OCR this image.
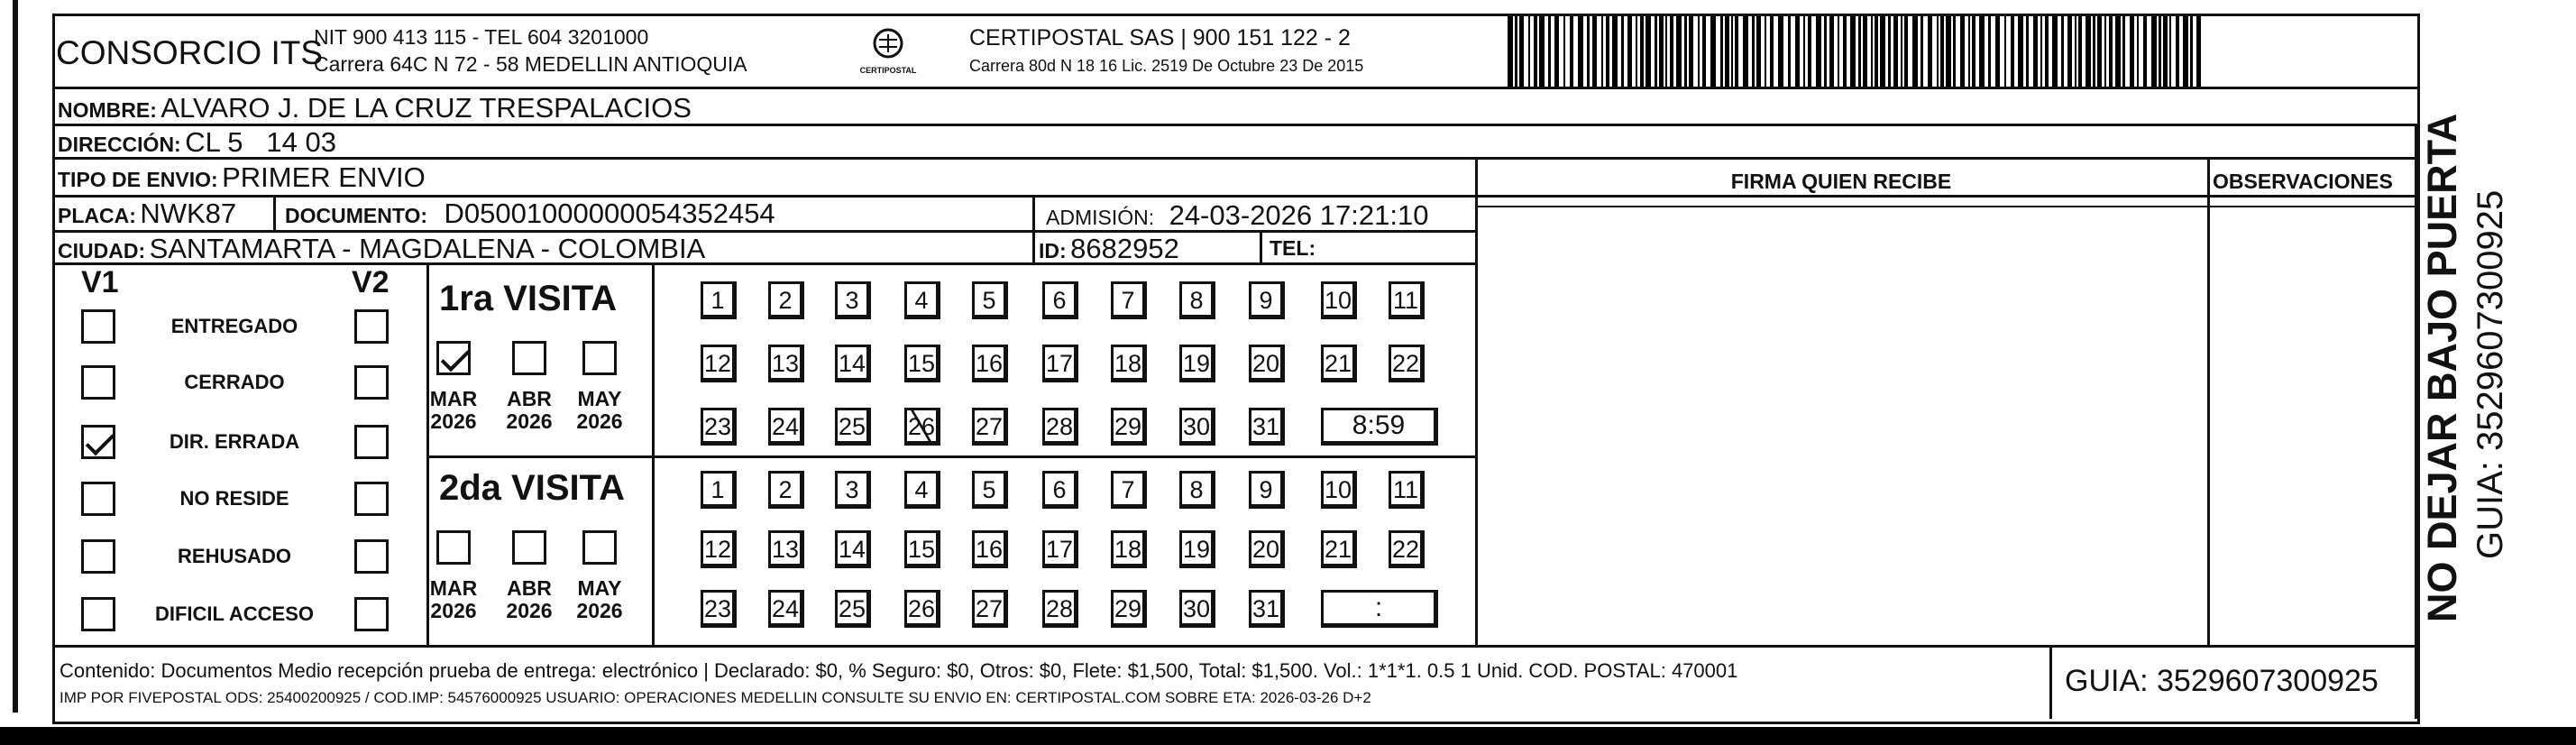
CONSORCIO ITS
NIT 900 413 115 - TEL 604 3201000
Carrera 64C N 72 - 58 MEDELLIN ANTIOQUIA	CERTIPOSTAL
CERTIPOSTAL SAS | 900 151 122 - 2
Carrera 80d N 18 16 Lic. 2519 De Octubre 23 De 2015
NOMBRE: ALVARO J. DE LA CRUZ TRESPALACIOS
DIRECCIÓN: CL 5   14 03
TIPO DE ENVIO: PRIMER ENVIO
PLACA: NWK87 DOCUMENTO: D05001000000054352454	ADMISIÓN: 24-03-2026 17:21:10
CIUDAD: SANTAMARTA - MAGDALENA - COLOMBIA	ID: 8682952	TEL:
FIRMA QUIEN RECIBE	OBSERVACIONES
V1	V2
ENTREGADO
CERRADO
DIR. ERRADA
NO RESIDE
REHUSADO
DIFICIL ACCESO
1ra VISITA
2da VISITA
MAR
2026
ABR
2026
MAY
2026
MAR
2026
ABR
2026
MAY
2026
1	2	3	4	5	6	7	8	9	10 11
12 13 14 15 16 17 18 19 20 21 22
23 24 25 26 27 28 29 30 31	8:59
1	2	3	4	5	6	7	8	9	10 11
12 13 14 15 16 17 18 19 20 21 22
23 24 25 26 27 28 29 30 31	:
Contenido: Documentos Medio recepción prueba de entrega: electrónico | Declarado: $0, % Seguro: $0, Otros: $0, Flete: $1,500, Total: $1,500. Vol.: 1*1*1. 0.5 1 Unid. COD. POSTAL: 470001
IMP POR FIVEPOSTAL ODS: 25400200925 / COD.IMP: 54576000925 USUARIO: OPERACIONES MEDELLIN CONSULTE SU ENVIO EN: CERTIPOSTAL.COM SOBRE ETA: 2026-03-26 D+2	GUIA: 3529607300925
NO DEJAR BAJO PUERTA GUIA: 3529607300925
